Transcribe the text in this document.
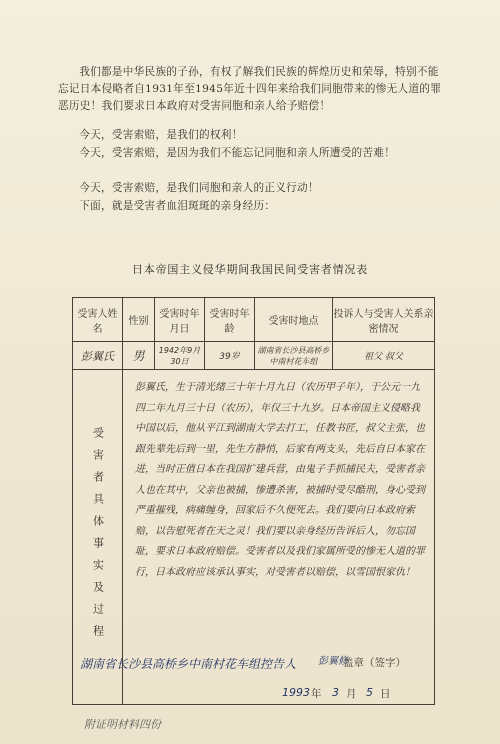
我们都是中华民族的子孙，有权了解我们民族的辉煌历史和荣辱，特别不能忘记日本侵略者自1931年至1945年近十四年来给我们同胞带来的惨无人道的罪恶历史！我们要求日本政府对受害同胞和亲人给予赔偿！
今天，受害索赔，是我们的权利！
今天，受害索赔，是因为我们不能忘记同胞和亲人所遭受的苦难！
今天，受害索赔，是我们同胞和亲人的正义行动！
下面，就是受害者血泪斑斑的亲身经历：
日本帝国主义侵华期间我国民间受害者情况表
受害人姓名	性别	受害时年月日	受害时年龄	受害时地点	投诉人与受害人关系亲密情况
彭翼氏	男	1942年9月30日	39岁	湖南省长沙县高桥乡中南村花车组	祖父 叔父

受害者具体事实及过程	彭翼氏，生于清光绪三十年十月九日（农历甲子年），于公元一九四二年九月三十日（农历），年仅三十九岁。日本帝国主义侵略我中国以后，他从平江到湖南大学去打工，任教书匠，叔父主张，也跟先辈先后到一里，先生方静悄，后家有两支头，先后自日本家在进，当时正值日本在我国扩建兵营，由鬼子手抓捕民夫，受害者亲人也在其中，父亲也被捕，惨遭杀害，被捕时受尽酷刑，身心受到严重摧残，病痛缠身，回家后不久便死去。我们要向日本政府索赔，以告慰死者在天之灵！我们要以亲身经历告诉后人，勿忘国耻，要求日本政府赔偿。受害者以及我们家属所受的惨无人道的罪行，日本政府应该承认事实，对受害者以赔偿，以雪国恨家仇！				
湖南省长沙县高桥乡中南村花车组控告人 彭翼修
盖章（签字）
1993 年 3 月 5 日
附证明材料四份
